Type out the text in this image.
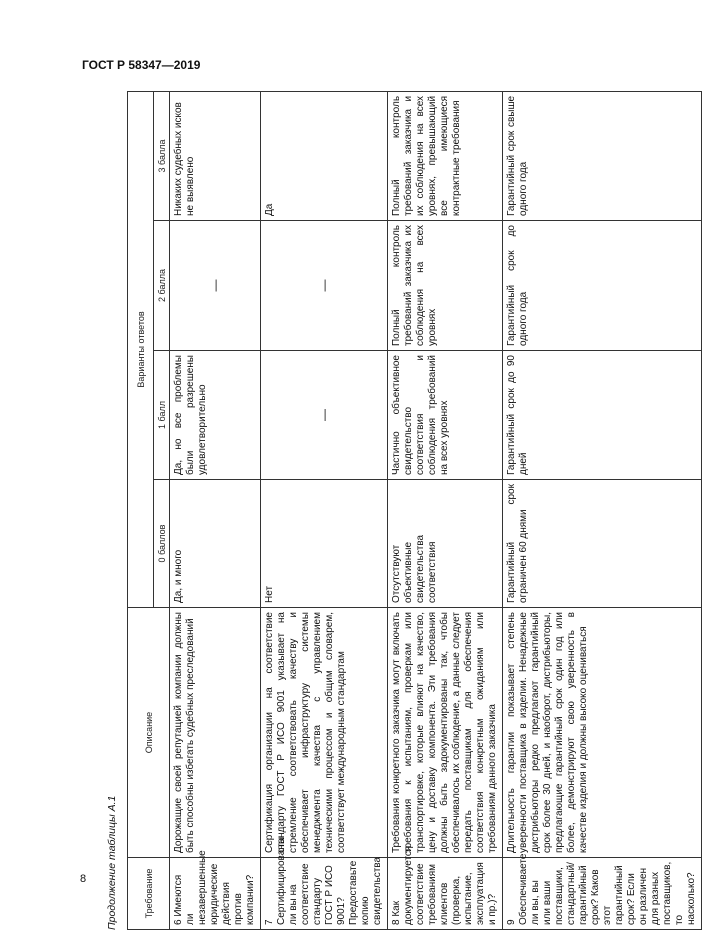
ГОСТ Р 58347—2019
8 Продолжение таблицы А.1	Требование	Описание	Варианты ответов			
		0 баллов	1 балл	2 балла	3 балла
6 Имеются ли незавершенные юридические действия против компании?	Дорожащие своей репутацией компании должны быть способны избегать судебных преследований	Да, и много	Да, но все проблемы были разрешены удовлетворительно	—	Никаких судебных исков не выявлено
7 Сертифицированы ли вы на соответствие стандарту ГОСТ Р ИСО 9001? Предоставьте копию свидетельства	Сертификация организации на соответствие стандарту ГОСТ Р ИСО 9001 указывает на стремление соответствовать качеству и обеспечивает инфраструктуру системы менеджмента качества с управлением техническими процессом и общим словарем, соответствует международным стандартам	Нет	—	—	Да
8 Как документируется соответствие требованиям клиентов (проверка, испытание, эксплуатация и пр.)?	Требования конкретного заказчика могут включать требования к испытаниям, проверкам или транспортировке, которые влияют на качество, цену и доставку компонента. Эти требования должны быть задокументированы так, чтобы обеспечивалось их соблюдение, а данные следует передать поставщикам для обеспечения соответствия конкретным ожиданиям или требованиям данного заказчика	Отсутствуют объективные свидетельства соответствия	Частично объективное свидетельство соответствия и соблюдения требований на всех уровнях	Полный контроль требований заказчика их соблюдения на всех уровнях	Полный контроль требований заказчика и их соблюдения на всех уровнях, превышающий все имеющиеся контрактные требования
9 Обеспечиваете ли вы, вы или ваши поставщики, стандартный/гарантийный срок? Каков этот гарантийный срок? Если он различен для разных поставщиков, то насколько?	Длительность гарантии показывает степень уверенности поставщика в изделии. Ненадежные дистрибьюторы редко предлагают гарантийный срок более 30 дней, и наоборот, дистрибьюторы, предлагающие гарантийный срок один год или более, демонстрируют свою уверенность в качестве изделия и должны высоко оцениваться	Гарантийный срок ограничен 60 днями	Гарантийный срок до 90 дней	Гарантийный срок до одного года	Гарантийный срок свыше одного года
